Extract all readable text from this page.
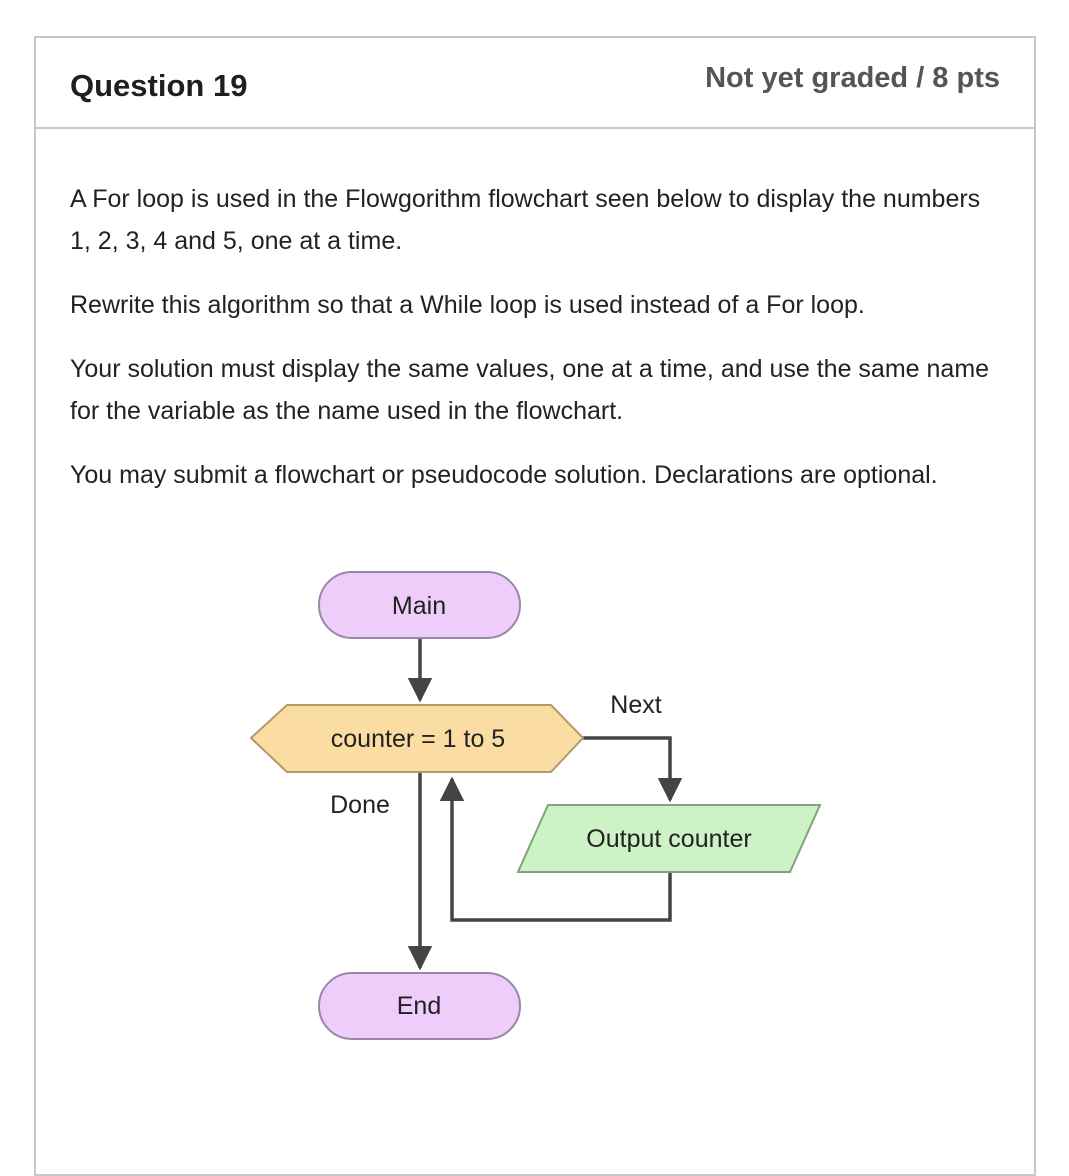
Question 19	Not yet graded / 8 pts

A For loop is used in the Flowgorithm flowchart seen below to display the numbers 1, 2, 3, 4 and 5, one at a time.

Rewrite this algorithm so that a While loop is used instead of a For loop.

Your solution must display the same values, one at a time, and use the same name for the variable as the name used in the flowchart.

You may submit a flowchart or pseudocode solution. Declarations are optional.

Main
counter = 1 to 5
Next
Done
Output counter
End
